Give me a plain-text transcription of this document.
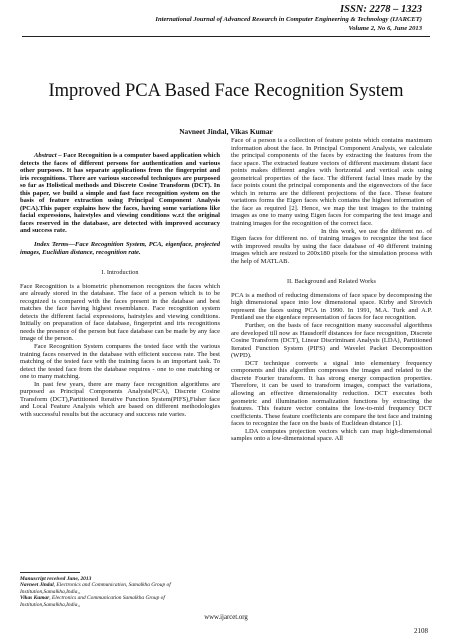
ISSN: 2278 – 1323
International Journal of Advanced Research in Computer Engineering & Technology (IJARCET)
Volume 2, No 6, June 2013
Improved PCA Based Face Recognition System
Navneet Jindal, Vikas Kumar

Abstract – Face Recognition is a computer based application which detects the faces of different persons for authentication and various other purposes. It has separate applications from the fingerprint and iris recognitions. There are various successful techniques are purposed so far as Holistical methods and Discrete Cosine Transform (DCT). In this paper, we build a simple and fast face recognition system on the basis of feature extraction using Principal Component Analysis (PCA).This paper explains how the faces, having some variations like facial expressions, hairstyles and viewing conditions w.r.t the original faces reserved in the database, are detected with improved accuracy and success rate.

Index Terms—Face Recognition System, PCA, eigenface, projected images, Euclidian distance, recognition rate.

I. Introduction

Face Recognition is a biometric phenomenon recognizes the faces which are already stored in the database. The face of a person which is to be recognized is compared with the faces present in the database and best matches the face having highest resemblance. Face recognition system detects the different facial expressions, hairstyles and viewing conditions. Initially on preparation of face database, fingerprint and iris recognitions needs the presence of the person but face database can be made by any face image of the person.

Face Recognition System compares the tested face with the various training faces reserved in the database with efficient success rate. The best matching of the tested face with the training faces is an important task. To detect the tested face from the database requires - one to one matching or one to many matching.

In past few years, there are many face recognition algorithms are purposed as Principal Components Analysis(PCA), Discrete Cosine Transform (DCT),Partitioned Iterative Function System(PIFS),Fisher face and Local Feature Analysis which are based on different methodologies with successful results but the accuracy and success rate varies.

Manuscript received June, 2013

Navneet Jindal, Electronics and Communication, Samalkha Group of Institution,Samalkha,India,,

Vikas Kumar, Electronics and Communication Samalkha Group of Institution,Samalkha,India,,

Face of a person is a collection of feature points which contains maximum information about the face. In Principal Component Analysis, we calculate the principal components of the faces by extracting the features from the face space. The extracted feature vectors of different maximum distant face points makes different angles with horizontal and vertical axis using geometrical properties of the face. The different facial lines made by the face points count the principal components and the eigenvectors of the face which in returns are the different projections of the face. These feature variations forms the Eigen faces which contains the highest information of the face as required [2]. Hence, we map the test images to the training images as one to many using Eigen faces for comparing the test image and training images for the recognition of the correct face.

In this work, we use the different no. of Eigen faces for different no. of training images to recognize the test face with improved results by using the face database of 40 different training images which are resized to 200x180 pixels for the simulation process with the help of MATLAB.

II. Background and Related Works

PCA is a method of reducing dimensions of face space by decomposing the high dimensional space into low dimensional space. Kirby and Sirovich represent the faces using PCA in 1990. In 1991, M.A. Turk and A.P. Pentland use the eigenface representation of faces for face recognition.

Further, on the basis of face recognition many successful algorithms are developed till now as Hausdorff distances for face recognition, Discrete Cosine Transform (DCT), Linear Discriminant Analysis (LDA), Partitioned Iterated Function System (PIFS) and Wavelet Packet Decomposition (WPD).

DCT technique converts a signal into elementary frequency components and this algorithm compresses the images and related to the discrete Fourier transform. It has strong energy compaction properties. Therefore, it can be used to transform images, compact the variations, allowing an effective dimensionality reduction. DCT executes both geometric and illumination normalization functions by extracting the features. This feature vector contains the low-to-mid frequency DCT coefficients. These feature coefficients are compare the test face and training faces to recognize the face on the basis of Euclidean distance [1].

LDA computes projection vectors which can map high-dimensional samples onto a low-dimensional space. All

www.ijarcet.org
2108
